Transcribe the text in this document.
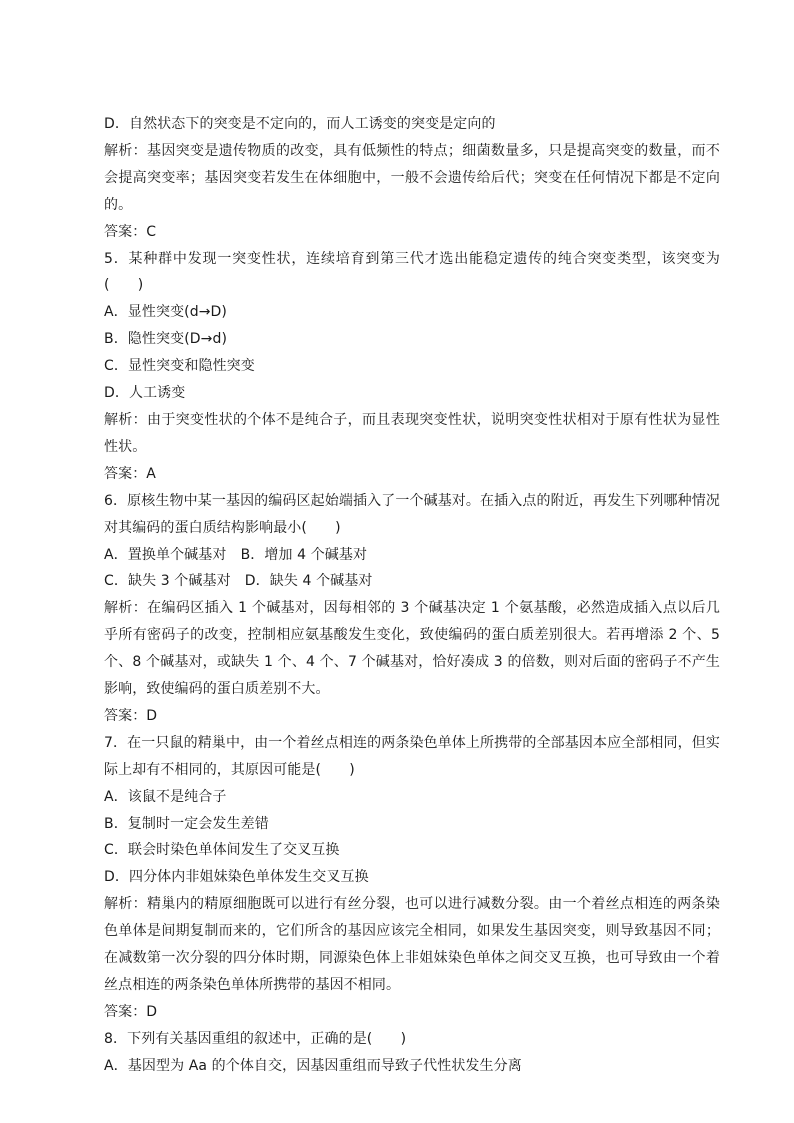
D．自然状态下的突变是不定向的，而人工诱变的突变是定向的
解析：基因突变是遗传物质的改变，具有低频性的特点；细菌数量多，只是提高突变的数量，而不会提高突变率；基因突变若发生在体细胞中，一般不会遗传给后代；突变在任何情况下都是不定向的。
答案：C
5．某种群中发现一突变性状，连续培育到第三代才选出能稳定遗传的纯合突变类型，该突变为(　　)
A．显性突变(d→D)
B．隐性突变(D→d)
C．显性突变和隐性突变
D．人工诱变
解析：由于突变性状的个体不是纯合子，而且表现突变性状，说明突变性状相对于原有性状为显性性状。
答案：A
6．原核生物中某一基因的编码区起始端插入了一个碱基对。在插入点的附近，再发生下列哪种情况对其编码的蛋白质结构影响最小(　　)
A．置换单个碱基对　B．增加 4 个碱基对
C．缺失 3 个碱基对　D．缺失 4 个碱基对
解析：在编码区插入 1 个碱基对，因每相邻的 3 个碱基决定 1 个氨基酸，必然造成插入点以后几乎所有密码子的改变，控制相应氨基酸发生变化，致使编码的蛋白质差别很大。若再增添 2 个、5 个、8 个碱基对，或缺失 1 个、4 个、7 个碱基对，恰好凑成 3 的倍数，则对后面的密码子不产生影响，致使编码的蛋白质差别不大。
答案：D
7．在一只鼠的精巢中，由一个着丝点相连的两条染色单体上所携带的全部基因本应全部相同，但实际上却有不相同的，其原因可能是(　　)
A．该鼠不是纯合子
B．复制时一定会发生差错
C．联会时染色单体间发生了交叉互换
D．四分体内非姐妹染色单体发生交叉互换
解析：精巢内的精原细胞既可以进行有丝分裂，也可以进行减数分裂。由一个着丝点相连的两条染色单体是间期复制而来的，它们所含的基因应该完全相同，如果发生基因突变，则导致基因不同；在减数第一次分裂的四分体时期，同源染色体上非姐妹染色单体之间交叉互换，也可导致由一个着丝点相连的两条染色单体所携带的基因不相同。
答案：D
8．下列有关基因重组的叙述中，正确的是(　　)
A．基因型为 Aa 的个体自交，因基因重组而导致子代性状发生分离
